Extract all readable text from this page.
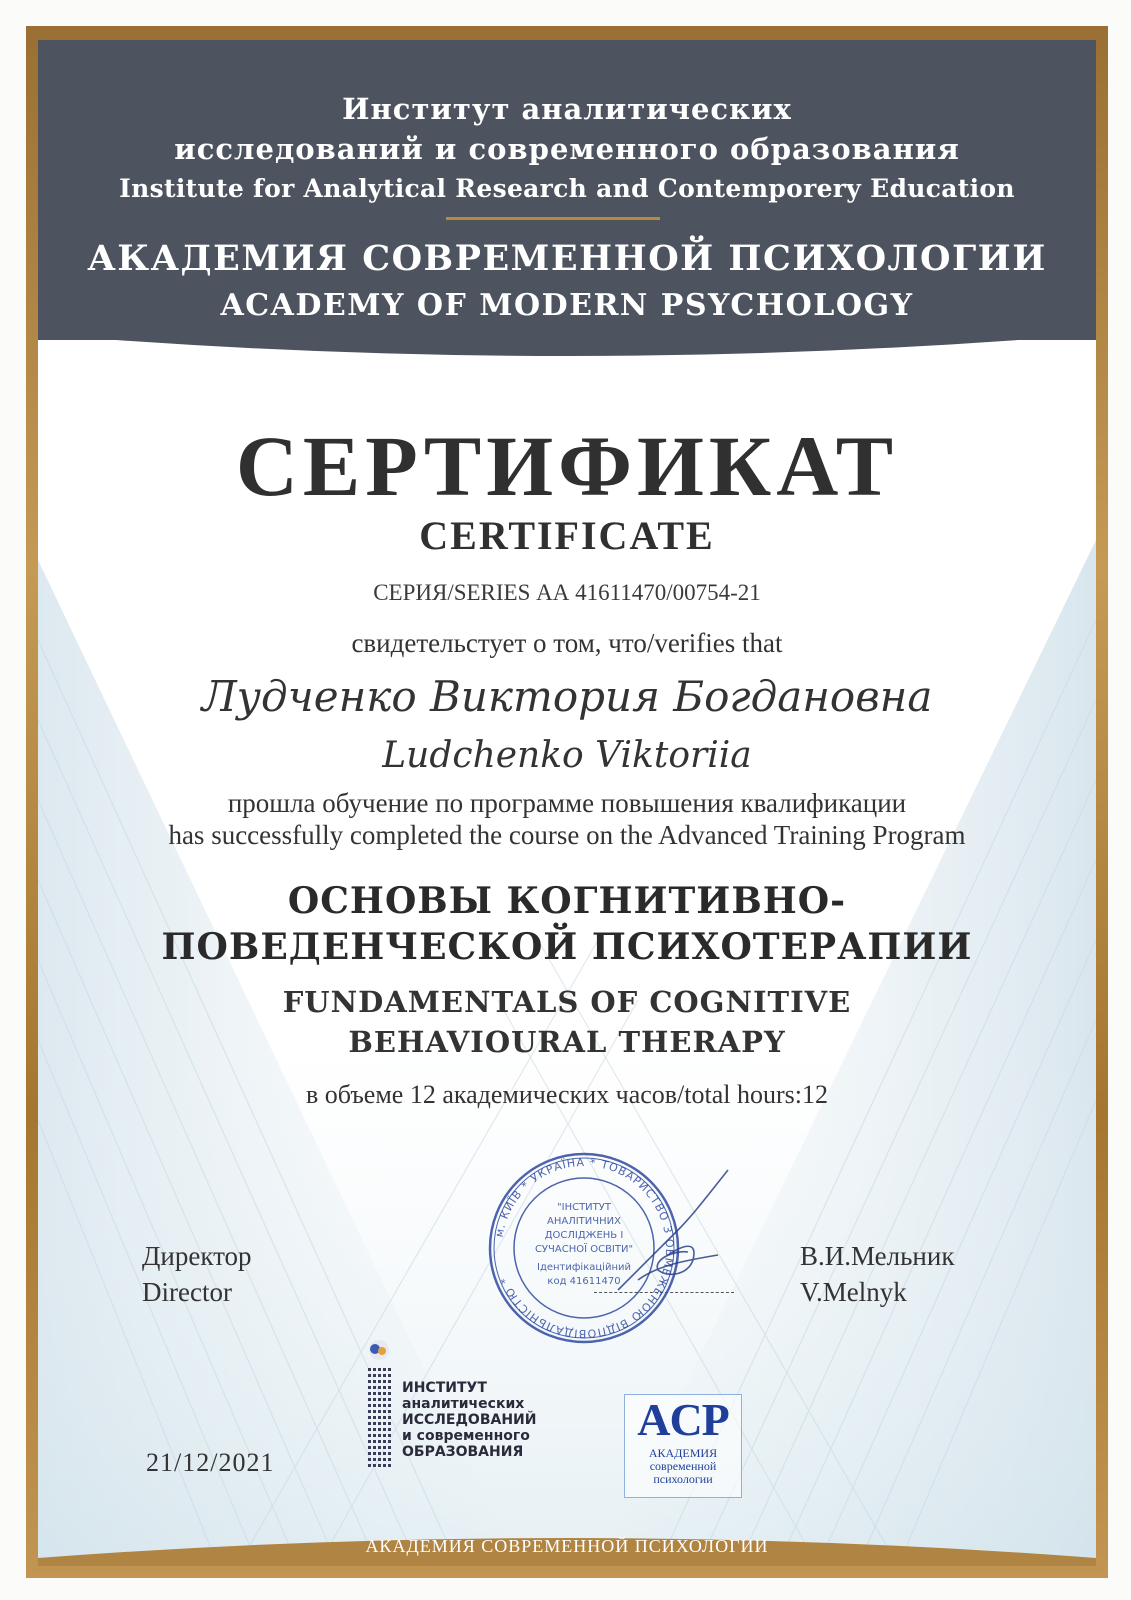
Институт аналитических
исследований и современного образования
Institute for Analytical Research and Contemporery Education
АКАДЕМИЯ СОВРЕМЕННОЙ ПСИХОЛОГИИ
ACADEMY OF MODERN PSYCHOLOGY
СЕРТИФИКАТ
CERTIFICATE
СЕРИЯ/SERIES АА 41611470/00754-21
свидетельстует о том, что/verifies that
Лудченко Виктория Богдановна
Ludchenko Viktoriia
прошла обучение по программе повышения квалификации
has successfully completed the course on the Advanced Training Program
ОСНОВЫ КОГНИТИВНО-
ПОВЕДЕНЧЕСКОЙ ПСИХОТЕРАПИИ
FUNDAMENTALS OF COGNITIVE
BEHAVIOURAL THERAPY
в объеме 12 академических часов/total hours:12
Директор
Director
В.И.Мельник
V.Melnyk
м. КИЇВ * УКРАЇНА * ТОВАРИСТВО З ОБМЕЖЕНОЮ ВІДПОВІДАЛЬНІСТЮ *
"ІНСТИТУТ
АНАЛІТИЧНИХ
ДОСЛІДЖЕНЬ І
СУЧАСНОЇ ОСВІТИ"
Ідентифікаційний
код 41611470
21/12/2021
ИНСТИТУТ
аналитических
ИССЛЕДОВАНИЙ
и современного
ОБРАЗОВАНИЯ
ACP
АКАДЕМИЯ
современной
психологии
АКАДЕМИЯ СОВРЕМЕННОЙ ПСИХОЛОГИИ
